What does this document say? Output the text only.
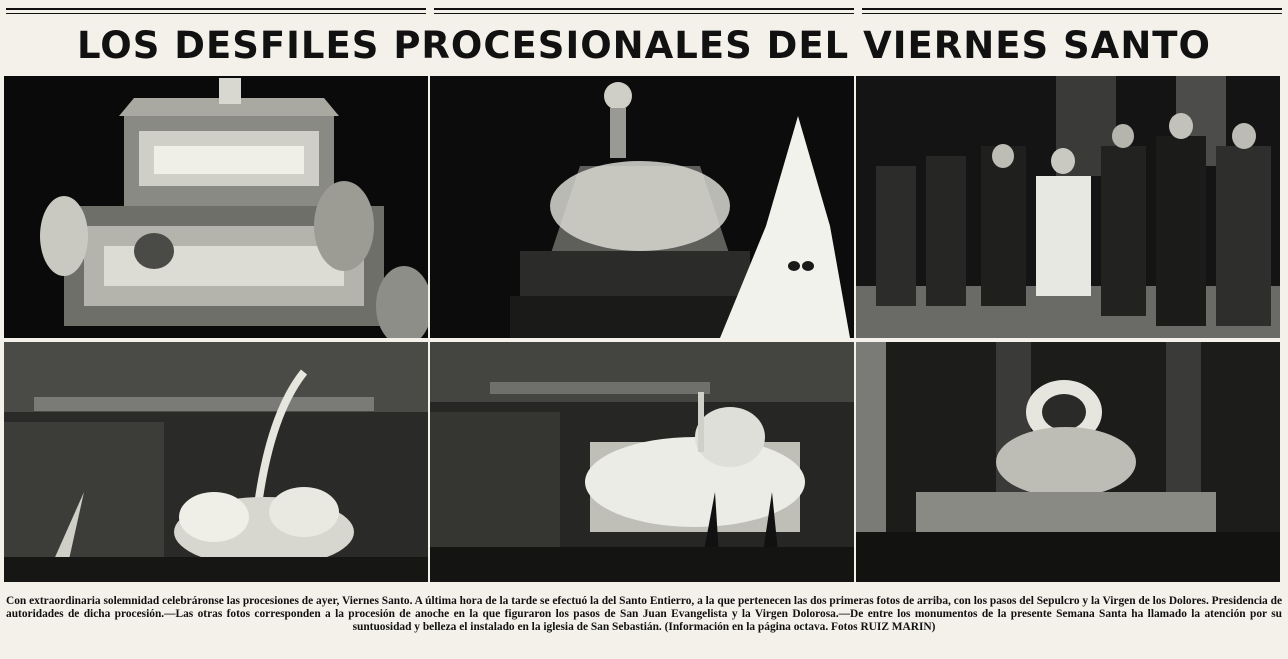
LOS DESFILES PROCESIONALES DEL VIERNES SANTO

Con extraordinaria solemnidad celebráronse las procesiones de ayer, Viernes Santo. A última hora de la tarde se efectuó la del Santo Entierro, a la que pertenecen las dos primeras fotos de arriba, con los pasos del Sepulcro y la Virgen de los Dolores. Presidencia de autoridades de dicha procesión.—Las otras fotos corresponden a la procesión de anoche en la que figuraron los pasos de San Juan Evangelista y la Virgen Dolorosa.—De entre los monumentos de la presente Semana Santa ha llamado la atención por su suntuosidad y belleza el instalado en la iglesia de San Sebastián. (Información en la página octava. Fotos RUIZ MARIN)
